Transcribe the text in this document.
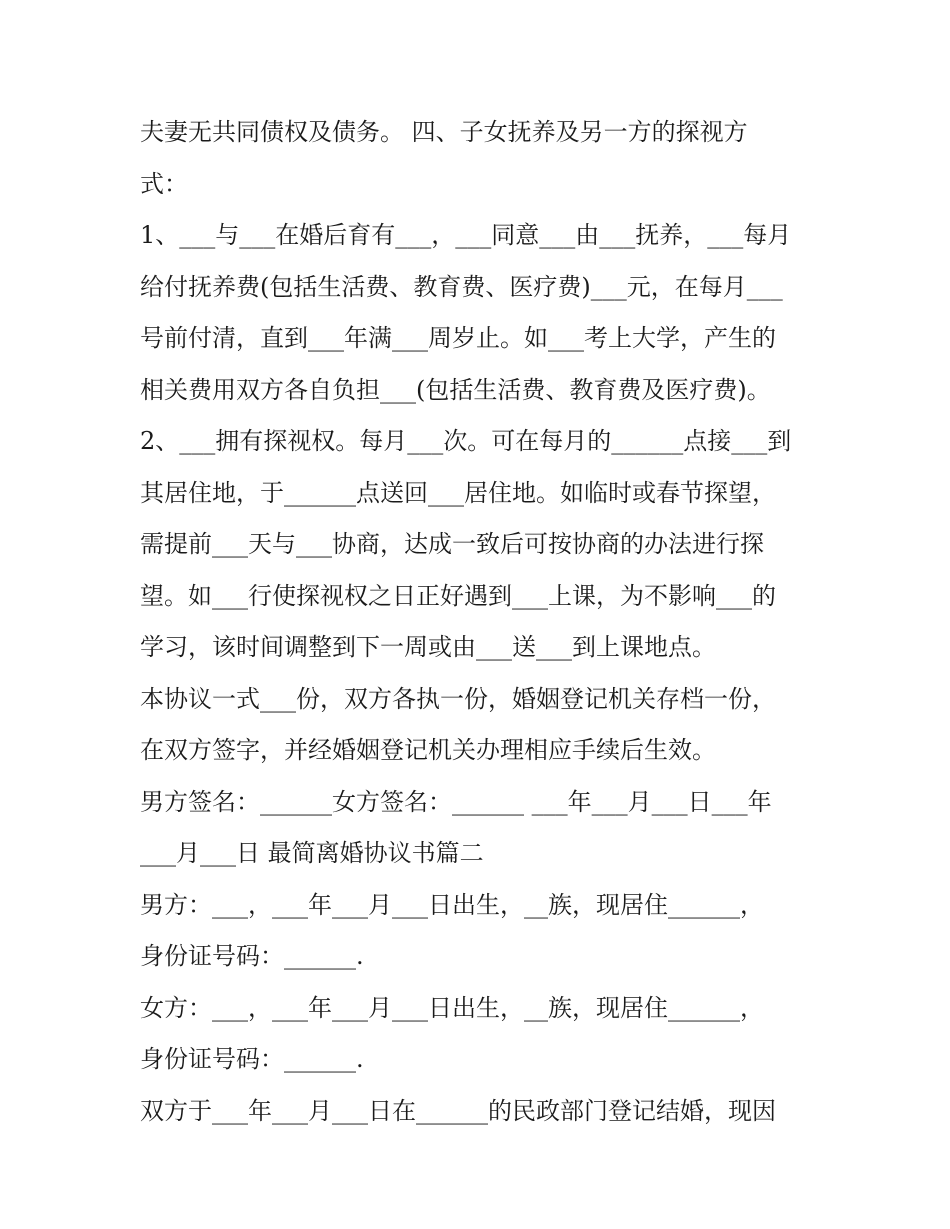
夫妻无共同债权及债务。 四、子女抚养及另一方的探视方
式：
1、___与___在婚后育有___，___同意___由___抚养，___每月
给付抚养费(包括生活费、教育费、医疗费)___元，在每月___
号前付清，直到___年满___周岁止。如___考上大学，产生的
相关费用双方各自负担___(包括生活费、教育费及医疗费)。
2、___拥有探视权。每月___次。可在每月的______点接___到
其居住地，于______点送回___居住地。如临时或春节探望，
需提前___天与___协商，达成一致后可按协商的办法进行探
望。如___行使探视权之日正好遇到___上课，为不影响___的
学习，该时间调整到下一周或由___送___到上课地点。
本协议一式___份，双方各执一份，婚姻登记机关存档一份，
在双方签字，并经婚姻登记机关办理相应手续后生效。
男方签名：______女方签名：______ ___年___月___日___年
___月___日 最简离婚协议书篇二
男方：___，___年___月___日出生，__族，现居住______，
身份证号码：______.
女方：___，___年___月___日出生，__族，现居住______，
身份证号码：______.
双方于___年___月___日在______的民政部门登记结婚，现因
